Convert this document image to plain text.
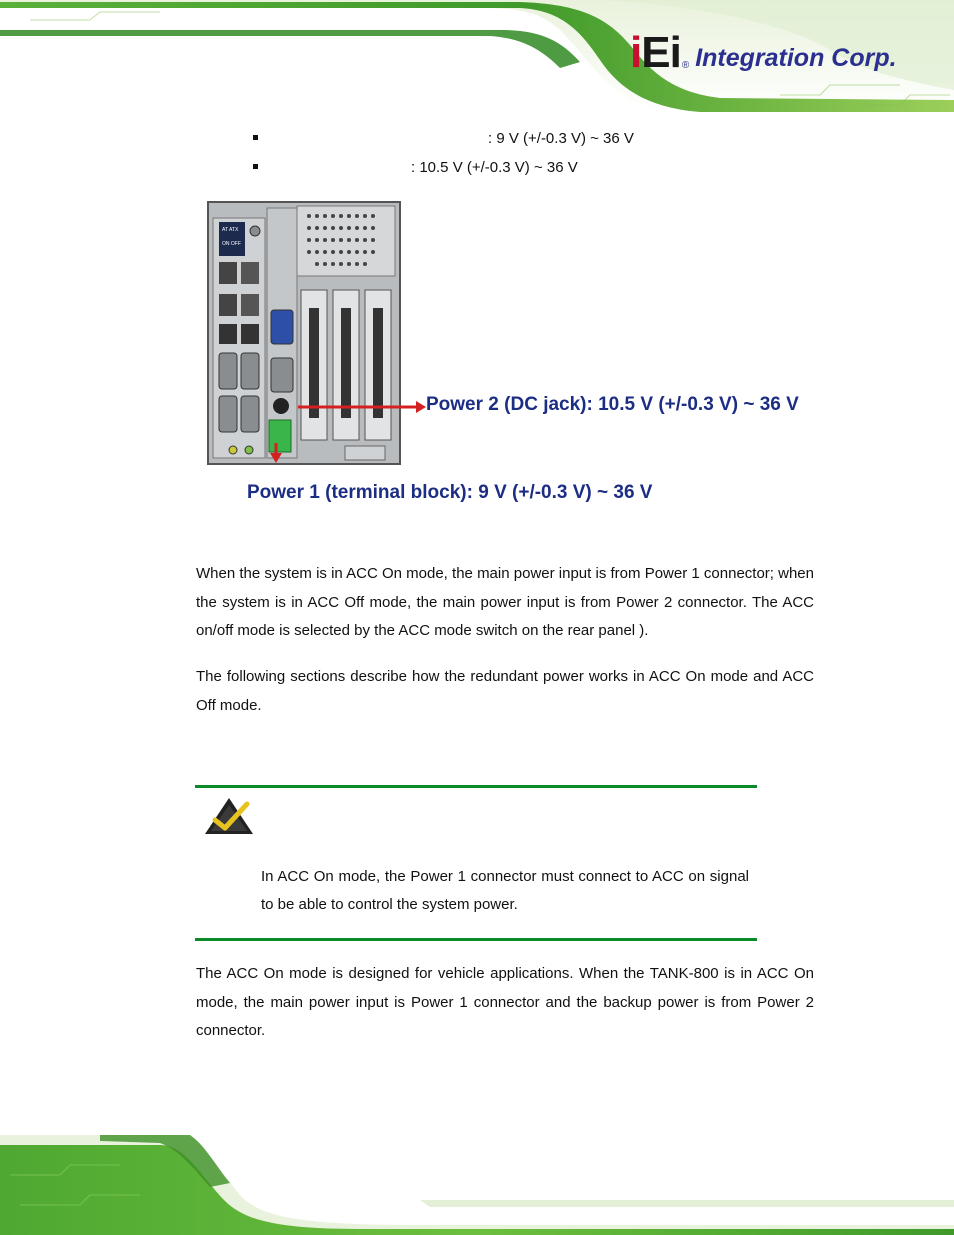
iEi ® Integration Corp.
: 9 V (+/-0.3 V) ~ 36 V
: 10.5 V (+/-0.3 V) ~ 36 V
AT ATX
ON OFF
Power 2 (DC jack): 10.5 V (+/-0.3 V) ~ 36 V
Power 1 (terminal block): 9 V (+/-0.3 V) ~ 36 V
When the system is in ACC On mode, the main power input is from Power 1 connector; when the system is in ACC Off mode, the main power input is from Power 2 connector. The ACC on/off mode is selected by the ACC mode switch on the rear panel ).
The following sections describe how the redundant power works in ACC On mode and ACC Off mode.
In ACC On mode, the Power 1 connector must connect to ACC on signal to be able to control the system power.
The ACC On mode is designed for vehicle applications. When the TANK-800 is in ACC On mode, the main power input is Power 1 connector and the backup power is from Power 2 connector.
